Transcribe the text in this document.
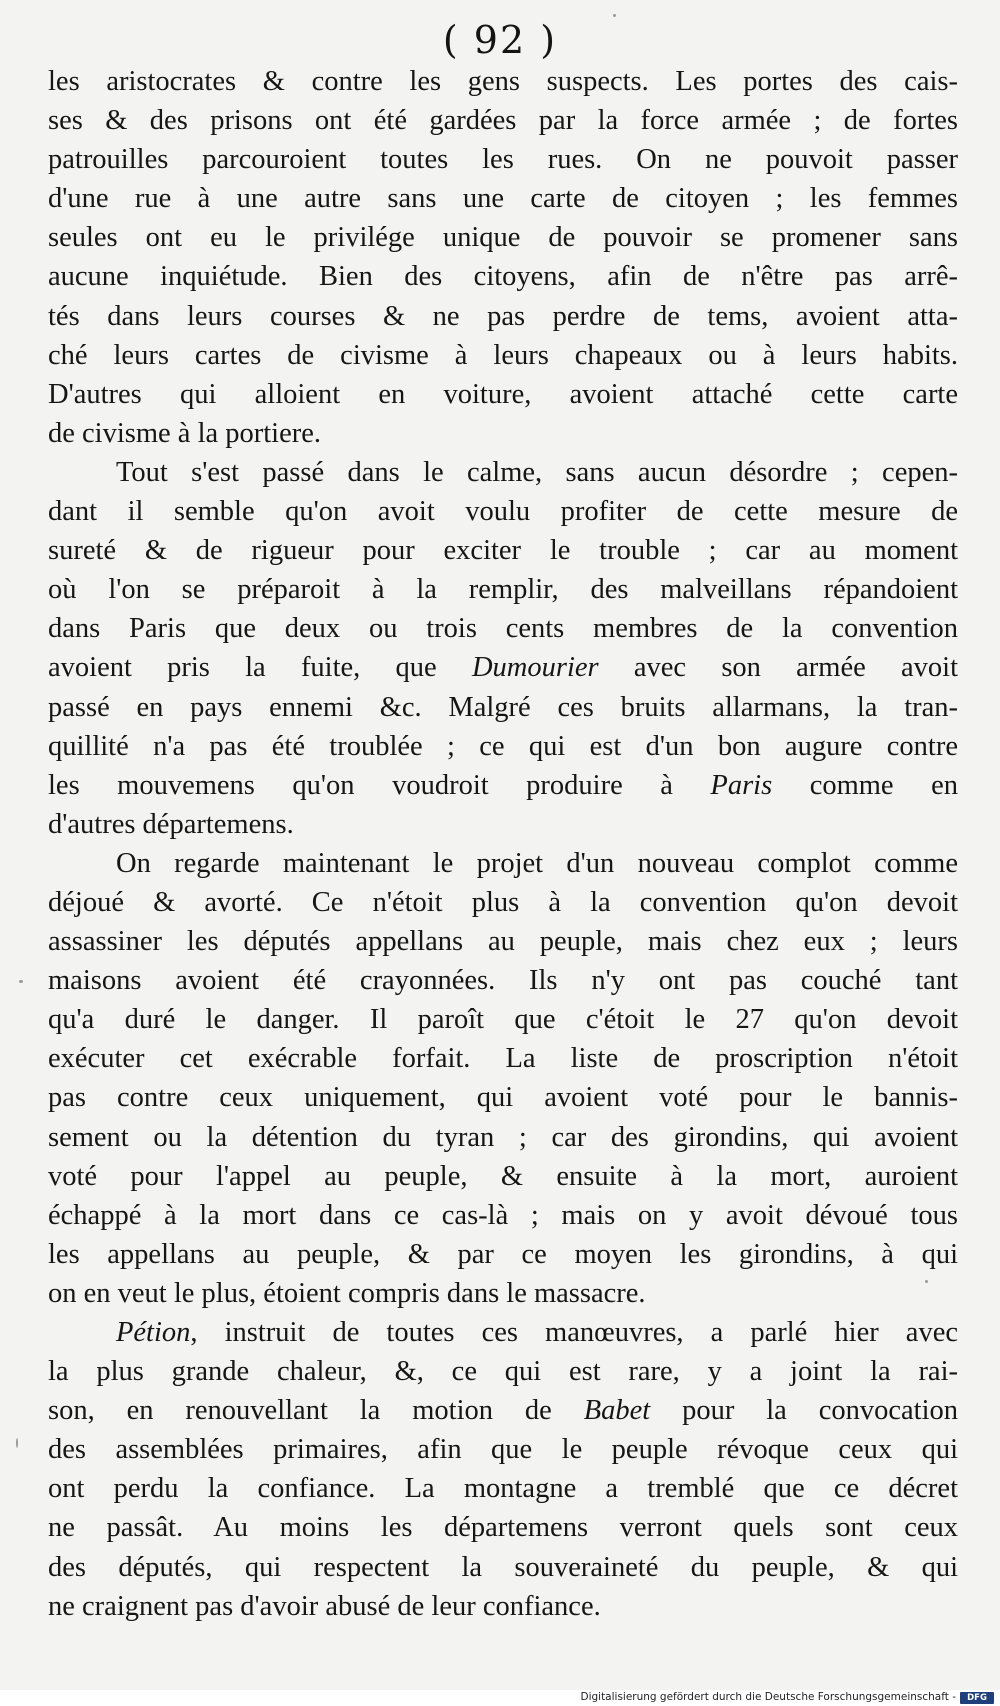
( 92 )
les aristocrates & contre les gens suspects. Les portes des cais-
ses & des prisons ont été gardées par la force armée ; de fortes
patrouilles parcouroient toutes les rues. On ne pouvoit passer
d'une rue à une autre sans une carte de citoyen ; les femmes
seules ont eu le privilége unique de pouvoir se promener sans
aucune inquiétude. Bien des citoyens, afin de n'être pas arrê-
tés dans leurs courses & ne pas perdre de tems, avoient atta-
ché leurs cartes de civisme à leurs chapeaux ou à leurs habits.
D'autres qui alloient en voiture, avoient attaché cette carte
de civisme à la portiere.
Tout s'est passé dans le calme, sans aucun désordre ; cepen-
dant il semble qu'on avoit voulu profiter de cette mesure de
sureté & de rigueur pour exciter le trouble ; car au moment
où l'on se préparoit à la remplir, des malveillans répandoient
dans Paris que deux ou trois cents membres de la convention
avoient pris la fuite, que Dumourier avec son armée avoit
passé en pays ennemi &c. Malgré ces bruits allarmans, la tran-
quillité n'a pas été troublée ; ce qui est d'un bon augure contre
les mouvemens qu'on voudroit produire à Paris comme en
d'autres départemens.
On regarde maintenant le projet d'un nouveau complot comme
déjoué & avorté. Ce n'étoit plus à la convention qu'on devoit
assassiner les députés appellans au peuple, mais chez eux ; leurs
maisons avoient été crayonnées. Ils n'y ont pas couché tant
qu'a duré le danger. Il paroît que c'étoit le 27 qu'on devoit
exécuter cet exécrable forfait. La liste de proscription n'étoit
pas contre ceux uniquement, qui avoient voté pour le bannis-
sement ou la détention du tyran ; car des girondins, qui avoient
voté pour l'appel au peuple, & ensuite à la mort, auroient
échappé à la mort dans ce cas-là ; mais on y avoit dévoué tous
les appellans au peuple, & par ce moyen les girondins, à qui
on en veut le plus, étoient compris dans le massacre.
Pétion, instruit de toutes ces manœuvres, a parlé hier avec
la plus grande chaleur, &, ce qui est rare, y a joint la rai-
son, en renouvellant la motion de Babet pour la convocation
des assemblées primaires, afin que le peuple révoque ceux qui
ont perdu la confiance. La montagne a tremblé que ce décret
ne passât. Au moins les départemens verront quels sont ceux
des députés, qui respectent la souveraineté du peuple, & qui
ne craignent pas d'avoir abusé de leur confiance.
Digitalisierung gefördert durch die Deutsche Forschungsgemeinschaft -	DFG
